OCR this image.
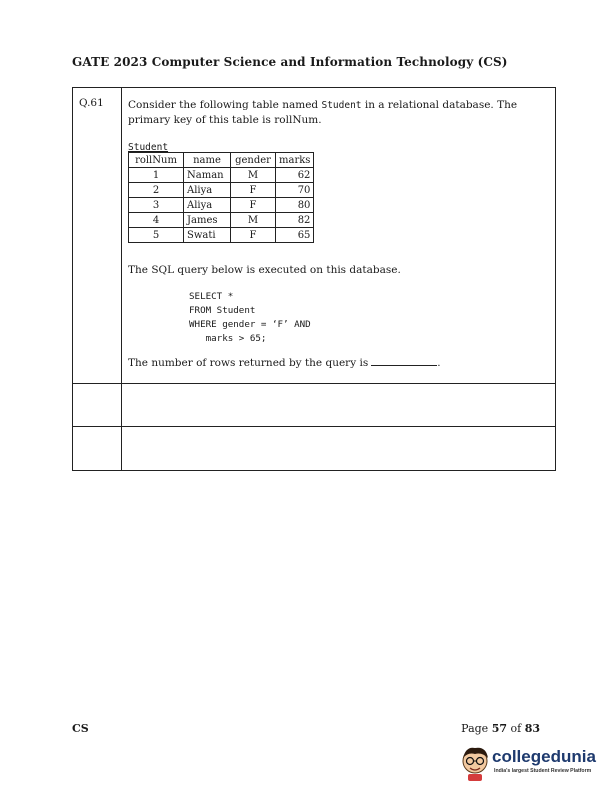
GATE 2023 Computer Science and Information Technology (CS)
Q.61 Consider the following table named Student in a relational database. The primary key of this table is rollNum.

Student
rollNum	name	gender	marks
1	Naman	M	62
2	Aliya	F	70
3	Aliya	F	80
4	James	M	82
5	Swati	F	65
The SQL query below is executed on this database.
SELECT *
FROM Student
WHERE gender = ‘F’ AND
marks > 65;
The number of rows returned by the query is	.
CS	Page 57 of 83
collegedunia
India's largest Student Review Platform
